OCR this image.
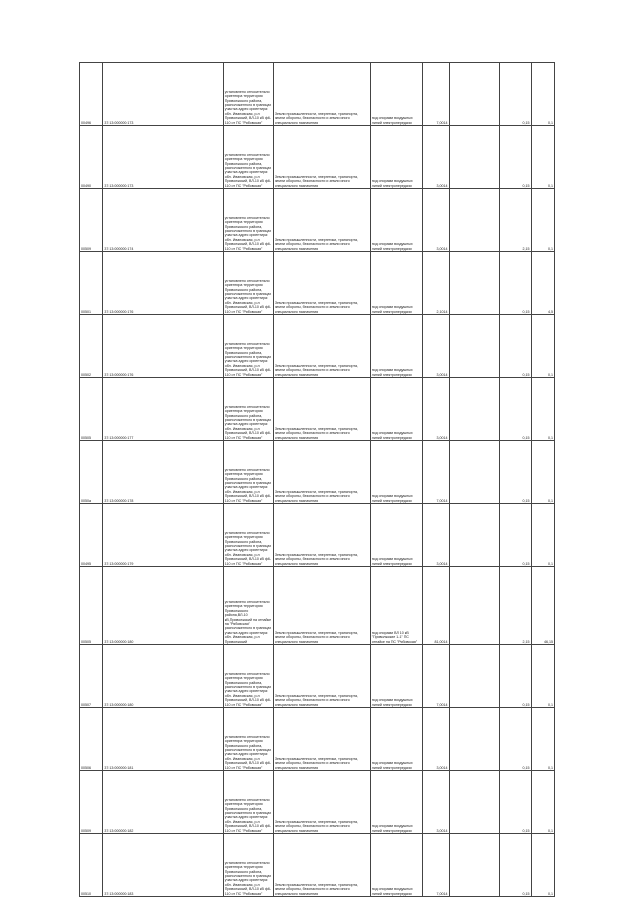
00496	37:13:000000:173	установлено относительно ориентира территория Приволжского района, расположенного в границах участка адрес ориентира: обл. Ивановская, р-н Приволжский, ВЛ-10 кВ ф6-110 от ПС "Рябовская"	Земли промышленности, энергетики, транспорта, земли обороны, безопасности и земли иного специального назначения	под опорами воздушных линий электропередачи	7,0014		0,15	0,1
00490	37:13:000000:173	установлено относительно ориентира территория Приволжского района, расположенного в границах участка адрес ориентира: обл. Ивановская, р-н Приволжский, ВЛ-10 кВ ф6-110 от ПС "Рябовская"	Земли промышленности, энергетики, транспорта, земли обороны, безопасности и земли иного специального назначения	под опорами воздушных линий электропередачи	3,0014		0,15	0,1
00509	37:13:000000:174	установлено относительно ориентира территория Приволжского района, расположенного в границах участка адрес ориентира: обл. Ивановская, р-н Приволжский, ВЛ-10 кВ ф6-110 от ПС "Рябовская"	Земли промышленности, энергетики, транспорта, земли обороны, безопасности и земли иного специального назначения	под опорами воздушных линий электропередачи	3,0014		2,15	0,1
00501	37:13:000000:176	установлено относительно ориентира территория Приволжского района, расположенного в границах участка адрес ориентира: обл. Ивановская, р-н Приволжский, ВЛ-10 кВ ф6-110 от ПС "Рябовская"	Земли промышленности, энергетики, транспорта, земли обороны, безопасности и земли иного специального назначения	под опорами воздушных линий электропередачи	2,1014		0,15	4,5
00502	37:13:000000:176	установлено относительно ориентира территория Приволжского района, расположенного в границах участка адрес ориентира: обл. Ивановская, р-н Приволжский, ВЛ-10 кВ ф6-110 от ПС "Рябовская"	Земли промышленности, энергетики, транспорта, земли обороны, безопасности и земли иного специального назначения	под опорами воздушных линий электропередачи	3,0014		0,15	0,1
00505	37:13:000000:177	установлено относительно ориентира территория Приволжского района, расположенного в границах участка адрес ориентира: обл. Ивановская, р-н Приволжский, ВЛ-10 кВ ф6-110 от ПС "Рябовская"	Земли промышленности, энергетики, транспорта, земли обороны, безопасности и земли иного специального назначения	под опорами воздушных линий электропередачи	3,0014		0,15	0,1
0050a	37:13:000000:178	установлено относительно ориентира территория Приволжского района, расположенного в границах участка адрес ориентира: обл. Ивановская, р-н Приволжский, ВЛ-10 кВ ф6-110 от ПС "Рябовская"	Земли промышленности, энергетики, транспорта, земли обороны, безопасности и земли иного специального назначения	под опорами воздушных линий электропередачи	7,0014		0,15	0,1
00495	37:13:000000:179	установлено относительно ориентира территория Приволжского района, расположенного в границах участка адрес ориентира: обл. Ивановская, р-н Приволжский, ВЛ-10 кВ ф6-110 от ПС "Рябовская"	Земли промышленности, энергетики, транспорта, земли обороны, безопасности и земли иного специального назначения	под опорами воздушных линий электропередачи	3,0014		0,15	0,1
00505	37:13:000000:180	установлено относительно ориентира территория Приволжского района,ВЛ-10 кВ,Приволжский на отпайке на "Рябовская" расположенного в границах участка адрес ориентира: обл. Ивановская, р-н Приволжский	Земли промышленности, энергетики, транспорта, земли обороны, безопасности и земли иного специального назначения	под опорами ВЛ 10 кВ "Приволжские 1-1" ПС отпайке на ПС "Рябовская"	81,0014		2,15	46,15
00507	37:13:000000:180	установлено относительно ориентира территория Приволжского района, расположенного в границах участка адрес ориентира: обл. Ивановская, р-н Приволжский, ВЛ-10 кВ ф6-110 от ПС "Рябовская"	Земли промышленности, энергетики, транспорта, земли обороны, безопасности и земли иного специального назначения	под опорами воздушных линий электропередачи	7,0014		0,15	0,1
00506	37:13:000000:181	установлено относительно ориентира территория Приволжского района, расположенного в границах участка адрес ориентира: обл. Ивановская, р-н Приволжский, ВЛ-10 кВ ф6-110 от ПС "Рябовская"	Земли промышленности, энергетики, транспорта, земли обороны, безопасности и земли иного специального назначения	под опорами воздушных линий электропередачи	3,0014		0,15	0,1
00509	37:13:000000:182	установлено относительно ориентира территория Приволжского района, расположенного в границах участка адрес ориентира: обл. Ивановская, р-н Приволжский, ВЛ-10 кВ ф6-110 от ПС "Рябовская"	Земли промышленности, энергетики, транспорта, земли обороны, безопасности и земли иного специального назначения	под опорами воздушных линий электропередачи	3,0014		0,15	0,1
00510	37:13:000000:183	установлено относительно ориентира территория Приволжского района, расположенного в границах участка адрес ориентира: обл. Ивановская, р-н Приволжский, ВЛ-10 кВ ф6-110 от ПС "Рябовская"	Земли промышленности, энергетики, транспорта, земли обороны, безопасности и земли иного специального назначения	под опорами воздушных линий электропередачи	7,0014		0,15	0,1
